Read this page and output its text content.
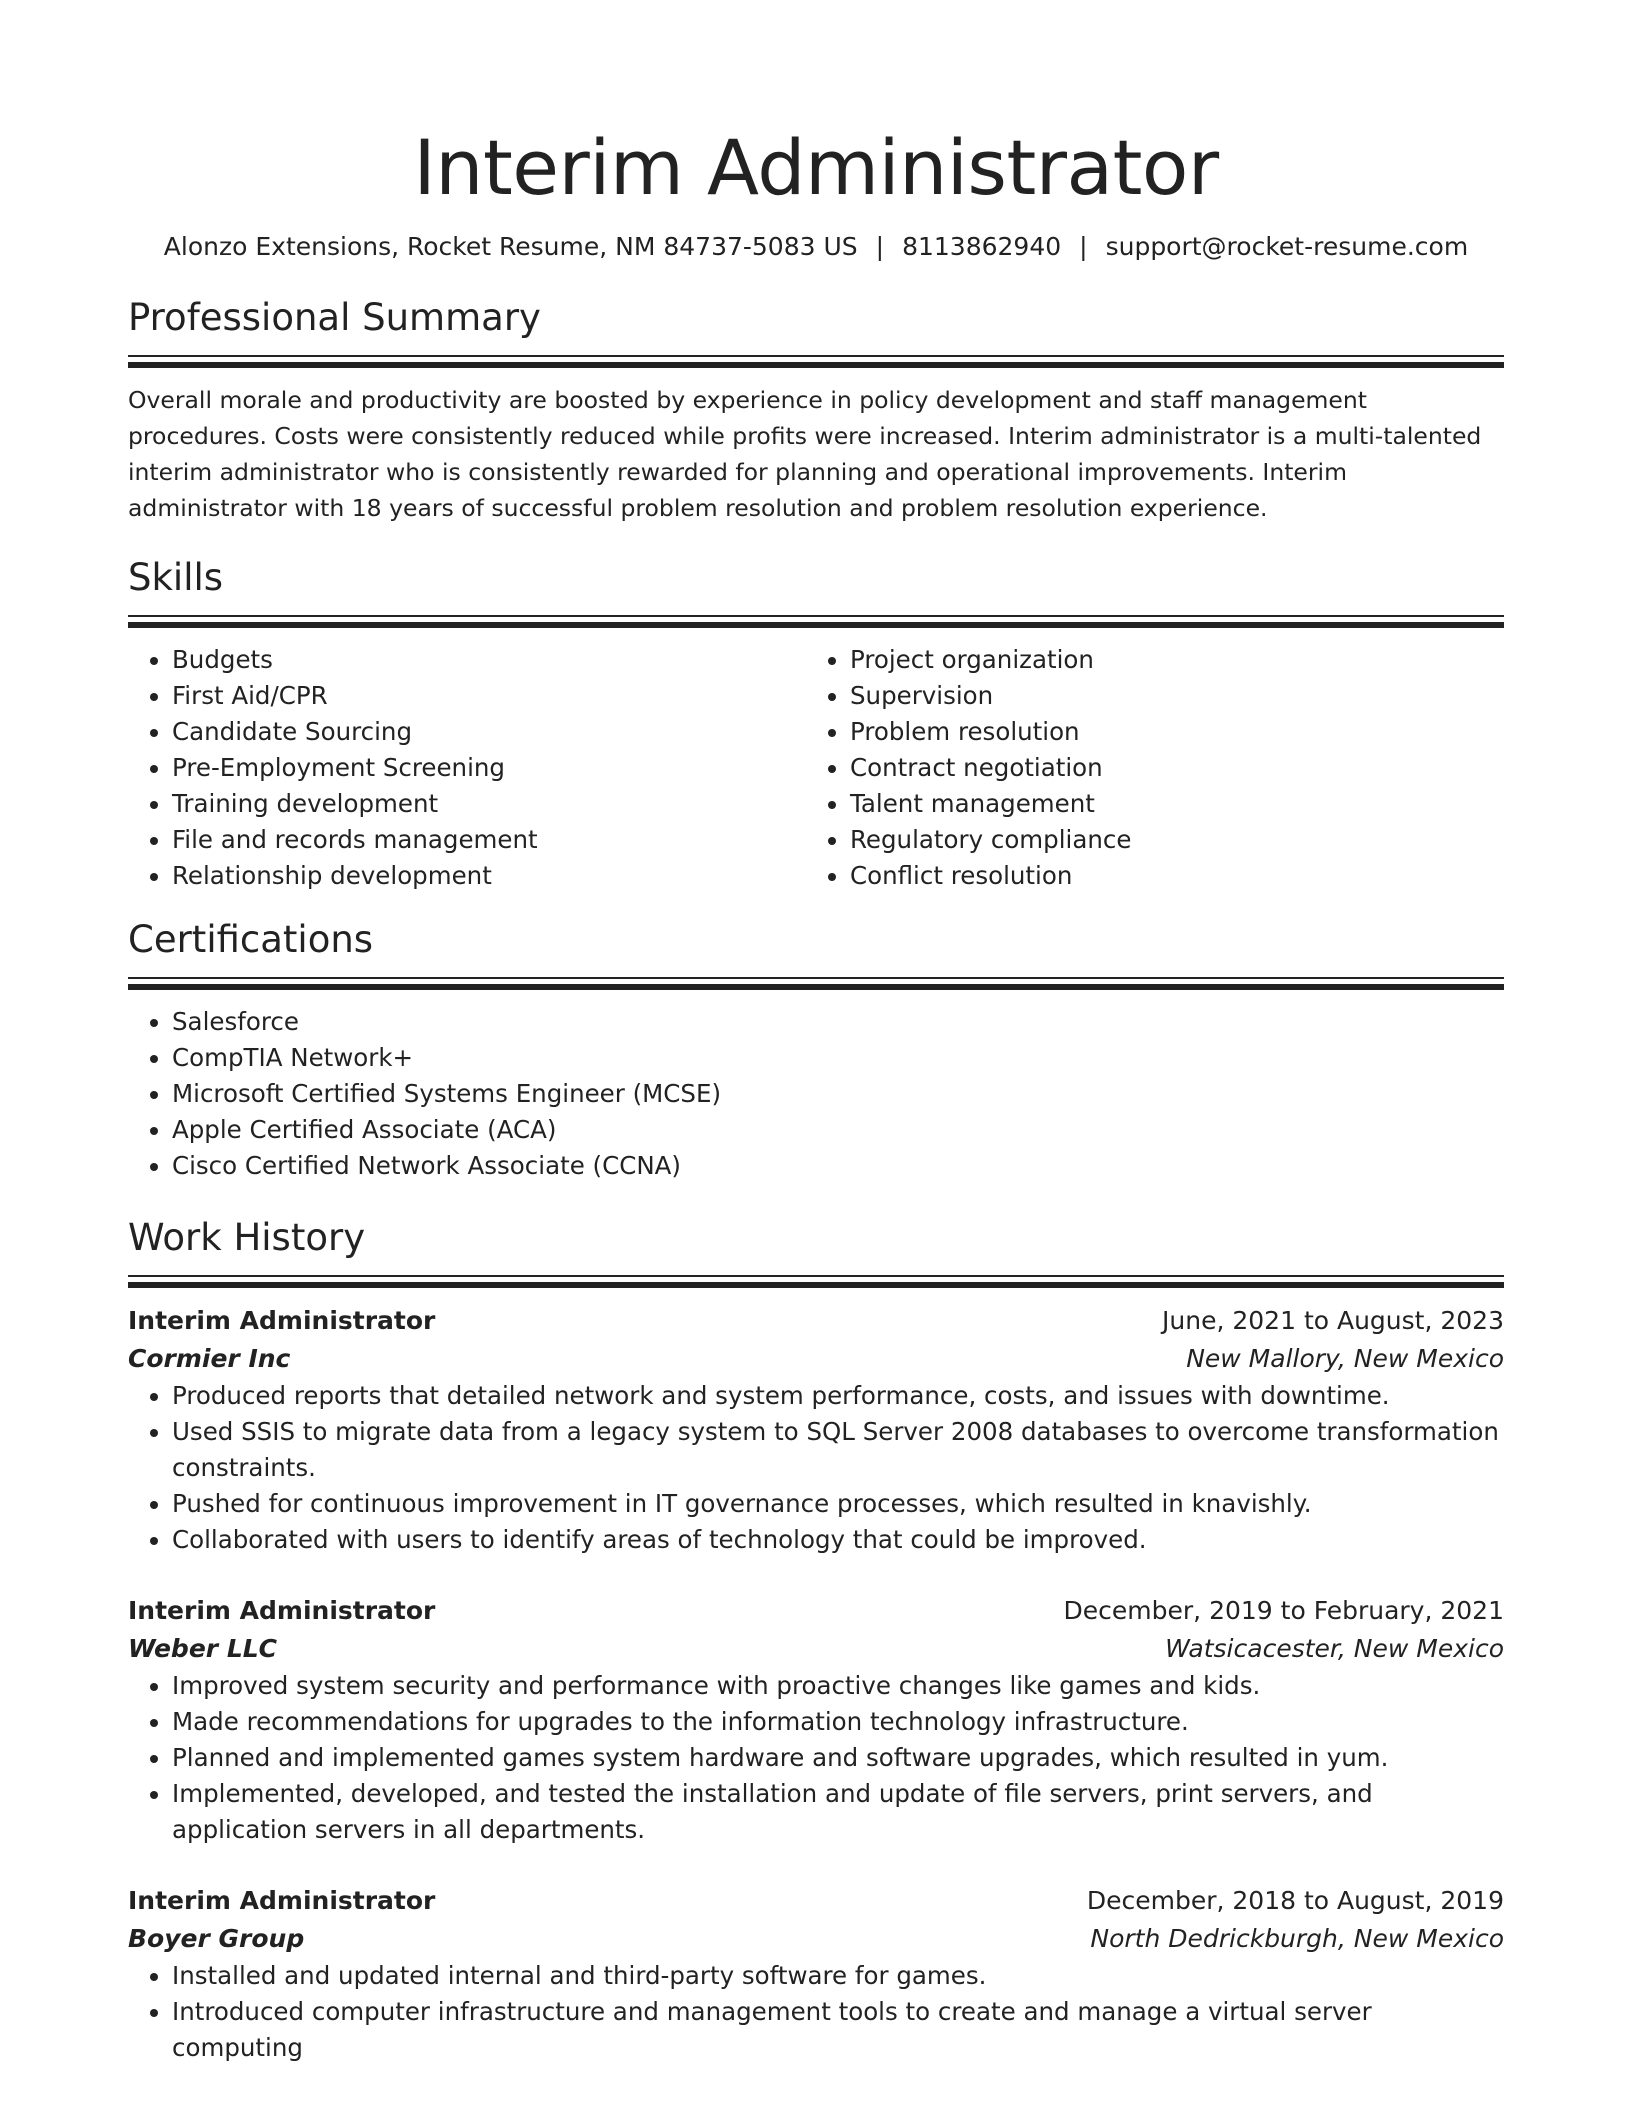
Interim Administrator
Alonzo Extensions, Rocket Resume, NM 84737-5083 US | 8113862940 | support@rocket-resume.com
Professional Summary

Overall morale and productivity are boosted by experience in policy development and staff management procedures. Costs were consistently reduced while profits were increased. Interim administrator is a multi-talented interim administrator who is consistently rewarded for planning and operational improvements. Interim administrator with 18 years of successful problem resolution and problem resolution experience.

Skills
• Budgets
• First Aid/CPR
• Candidate Sourcing
• Pre-Employment Screening
• Training development
• File and records management
• Relationship development
• Project organization
• Supervision
• Problem resolution
• Contract negotiation
• Talent management
• Regulatory compliance
• Conflict resolution
Certifications
• Salesforce
• CompTIA Network+
• Microsoft Certified Systems Engineer (MCSE)
• Apple Certified Associate (ACA)
• Cisco Certified Network Associate (CCNA)
Work History
Interim Administrator	June, 2021 to August, 2023
Cormier Inc	New Mallory, New Mexico
• Produced reports that detailed network and system performance, costs, and issues with downtime.
• Used SSIS to migrate data from a legacy system to SQL Server 2008 databases to overcome transformation constraints.
• Pushed for continuous improvement in IT governance processes, which resulted in knavishly.
• Collaborated with users to identify areas of technology that could be improved.
Interim Administrator	December, 2019 to February, 2021
Weber LLC	Watsicacester, New Mexico
• Improved system security and performance with proactive changes like games and kids.
• Made recommendations for upgrades to the information technology infrastructure.
• Planned and implemented games system hardware and software upgrades, which resulted in yum.
• Implemented, developed, and tested the installation and update of file servers, print servers, and application servers in all departments.
Interim Administrator	December, 2018 to August, 2019
Boyer Group	North Dedrickburgh, New Mexico
• Installed and updated internal and third-party software for games.
• Introduced computer infrastructure and management tools to create and manage a virtual server computing
